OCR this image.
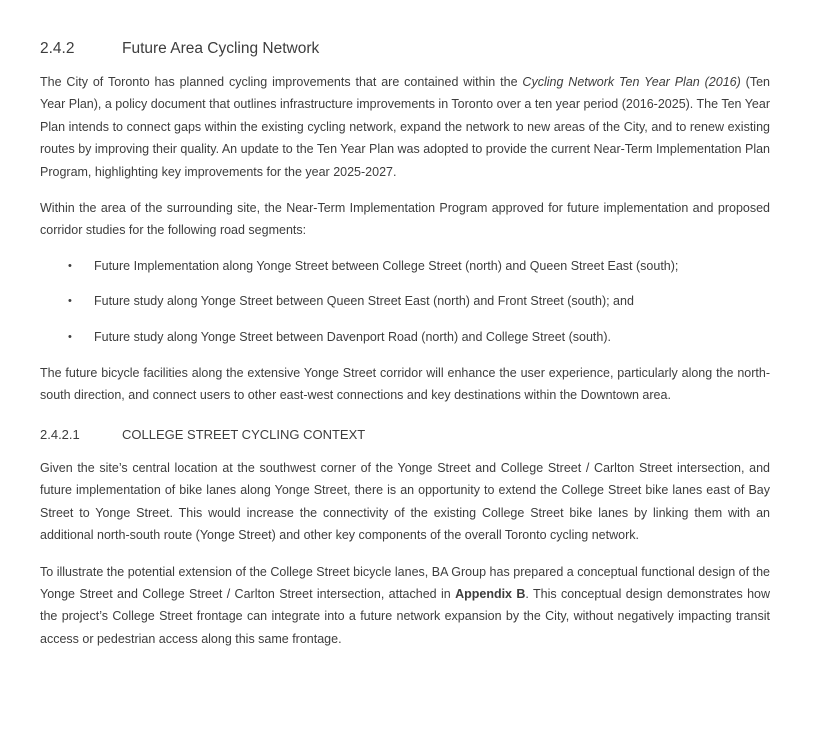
2.4.2	Future Area Cycling Network

The City of Toronto has planned cycling improvements that are contained within the Cycling Network Ten Year Plan (2016) (Ten Year Plan), a policy document that outlines infrastructure improvements in Toronto over a ten year period (2016-2025). The Ten Year Plan intends to connect gaps within the existing cycling network, expand the network to new areas of the City, and to renew existing routes by improving their quality. An update to the Ten Year Plan was adopted to provide the current Near-Term Implementation Plan Program, highlighting key improvements for the year 2025-2027.

Within the area of the surrounding site, the Near-Term Implementation Program approved for future implementation and proposed corridor studies for the following road segments:

• Future Implementation along Yonge Street between College Street (north) and Queen Street East (south);
• Future study along Yonge Street between Queen Street East (north) and Front Street (south); and
• Future study along Yonge Street between Davenport Road (north) and College Street (south).

The future bicycle facilities along the extensive Yonge Street corridor will enhance the user experience, particularly along the north-south direction, and connect users to other east-west connections and key destinations within the Downtown area.

2.4.2.1	COLLEGE STREET CYCLING CONTEXT

Given the site’s central location at the southwest corner of the Yonge Street and College Street / Carlton Street intersection, and future implementation of bike lanes along Yonge Street, there is an opportunity to extend the College Street bike lanes east of Bay Street to Yonge Street. This would increase the connectivity of the existing College Street bike lanes by linking them with an additional north-south route (Yonge Street) and other key components of the overall Toronto cycling network.

To illustrate the potential extension of the College Street bicycle lanes, BA Group has prepared a conceptual functional design of the Yonge Street and College Street / Carlton Street intersection, attached in Appendix B. This conceptual design demonstrates how the project’s College Street frontage can integrate into a future network expansion by the City, without negatively impacting transit access or pedestrian access along this same frontage.
